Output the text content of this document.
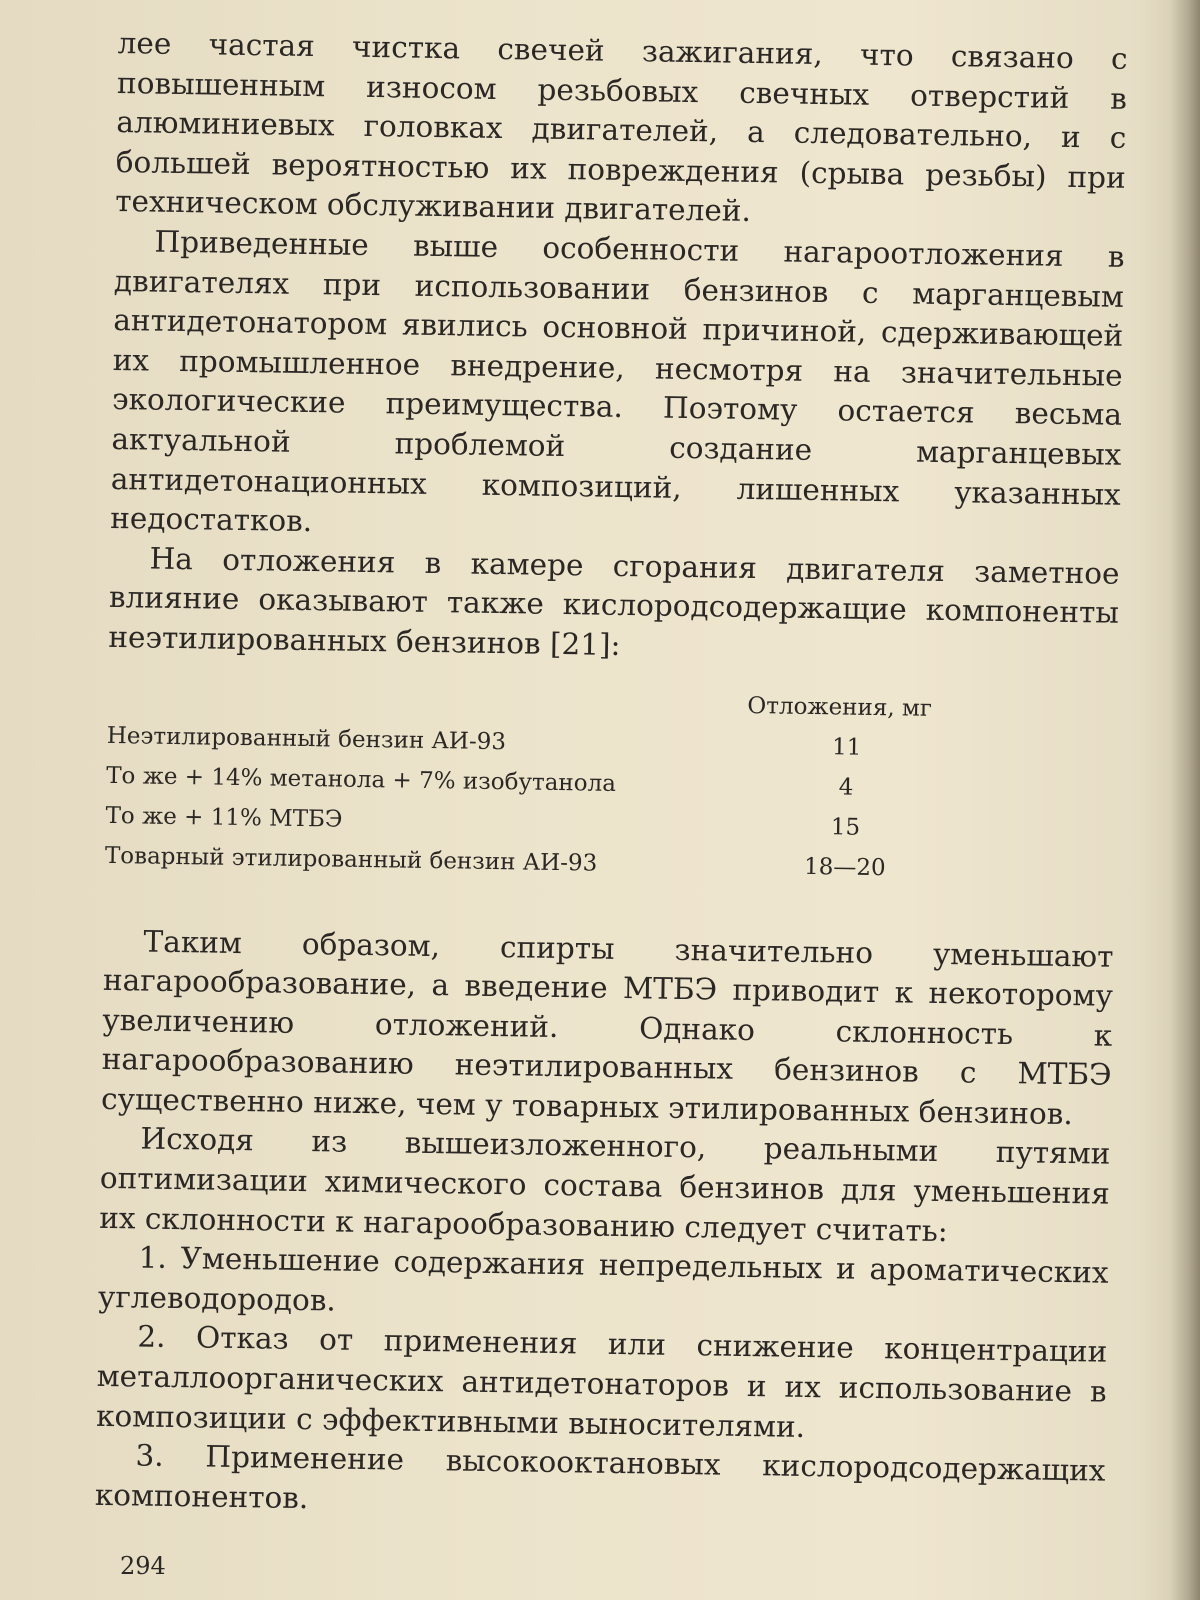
лее частая чистка свечей зажигания, что связано с повышенным износом резьбовых свечных отверстий в алюминиевых головках двигателей, а следовательно, и с большей вероятностью их повреждения (срыва резьбы) при техническом обслуживании двигателей.

Приведенные выше особенности нагароотложения в двигателях при использовании бензинов с марганцевым антидетонатором явились основной причиной, сдерживающей их промышленное внедрение, несмотря на значительные экологические преимущества. Поэтому остается весьма актуальной проблемой создание марганцевых антидетонационных композиций, лишенных указанных недостатков.

На отложения в камере сгорания двигателя заметное влияние оказывают также кислородсодержащие компоненты неэтилированных бензинов [21]:

Отложения, мг
Неэтилированный бензин АИ-93	11
То же + 14% метанола + 7% изобутанола	4
То же + 11% МТБЭ	15
Товарный этилированный бензин АИ-93	18—20

Таким образом, спирты значительно уменьшают нагарообразование, а введение МТБЭ приводит к некоторому увеличению отложений. Однако склонность к нагарообразованию неэтилированных бензинов с МТБЭ существенно ниже, чем у товарных этилированных бензинов.

Исходя из вышеизложенного, реальными путями оптимизации химического состава бензинов для уменьшения их склонности к нагарообразованию следует считать:

1. Уменьшение содержания непредельных и ароматических углеводородов.

2. Отказ от применения или снижение концентрации металлоорганических антидетонаторов и их использование в композиции с эффективными выносителями.

3. Применение высокооктановых кислородсодержащих компонентов.

294
